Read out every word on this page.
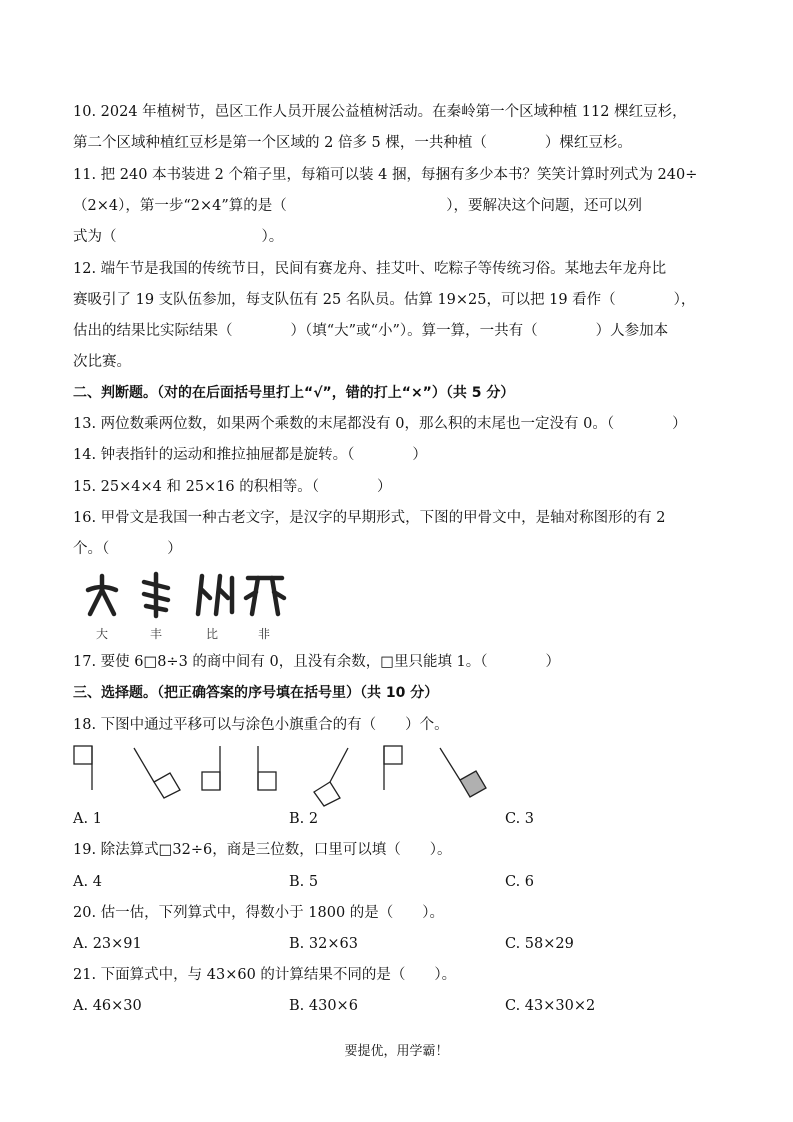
10. 2024 年植树节，邑区工作人员开展公益植树活动。在秦岭第一个区域种植 112 棵红豆杉，
第二个区域种植红豆杉是第一个区域的 2 倍多 5 棵，一共种植（　　　　）棵红豆杉。
11. 把 240 本书装进 2 个箱子里，每箱可以装 4 捆，每捆有多少本书？笑笑计算时列式为 240÷
（2×4），第一步“2×4”算的是（　　　　　　　　　　　），要解决这个问题，还可以列
式为（　　　　　　　　　　）。
12. 端午节是我国的传统节日，民间有赛龙舟、挂艾叶、吃粽子等传统习俗。某地去年龙舟比
赛吸引了 19 支队伍参加，每支队伍有 25 名队员。估算 19×25，可以把 19 看作（　　　　），
估出的结果比实际结果（　　　　）（填“大”或“小”）。算一算，一共有（　　　　）人参加本
次比赛。
二、判断题。（对的在后面括号里打上“√”，错的打上“×”）（共 5 分）
13. 两位数乘两位数，如果两个乘数的末尾都没有 0，那么积的末尾也一定没有 0。（　　　　）
14. 钟表指针的运动和推拉抽屉都是旋转。（　　　　）
15. 25×4×4 和 25×16 的积相等。（　　　　）
16. 甲骨文是我国一种古老文字，是汉字的早期形式，下图的甲骨文中，是轴对称图形的有 2
个。（　　　　）
大	丰	比	非
17. 要使 6□8÷3 的商中间有 0，且没有余数，□里只能填 1。（　　　　）
三、选择题。（把正确答案的序号填在括号里）（共 10 分）
18. 下图中通过平移可以与涂色小旗重合的有（　　）个。
A. 1	B. 2	C. 3
19. 除法算式□32÷6，商是三位数，口里可以填（　　）。
A. 4	B. 5	C. 6
20. 估一估，下列算式中，得数小于 1800 的是（　　）。
A. 23×91	B. 32×63	C. 58×29
21. 下面算式中，与 43×60 的计算结果不同的是（　　）。
A. 46×30	B. 430×6	C. 43×30×2
要提优，用学霸！
